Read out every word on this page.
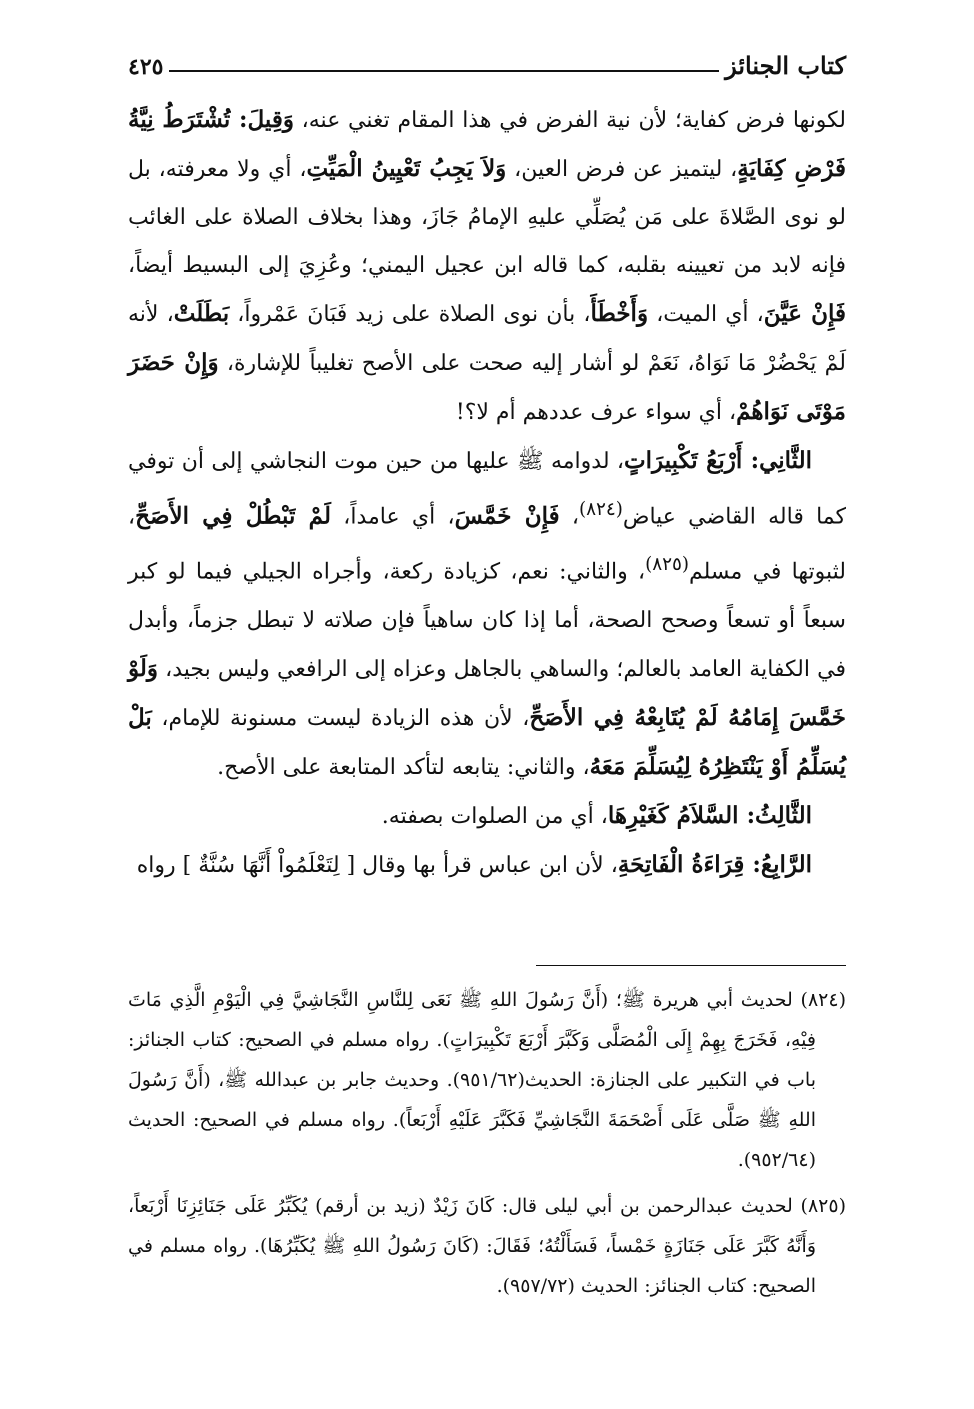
كتاب الجنائز
٤٢٥

لكونها فرض كفاية؛ لأن نية الفرض في هذا المقام تغني عنه، وَقِيلَ: تُشْتَرَطُ نِيَّةُ فَرْضِ كِفَايَةٍ، ليتميز عن فرض العين، وَلاَ يَجِبُ تَعْيِينُ الْمَيِّتِ، أي ولا معرفته، بل لو نوى الصَّلاةَ على مَن يُصَلِّي عليهِ الإمامُ جَازَ، وهذا بخلاف الصلاة على الغائب فإنه لابد من تعيينه بقلبه، كما قاله ابن عجيل اليمني؛ وعُزِيَ إلى البسيط أيضاً، فَإِنْ عَيَّنَ، أي الميت، وَأَخْطَأَ، بأن نوى الصلاة على زيد فَبَانَ عَمْرواً، بَطَلَتْ، لأنه لَمْ يَحْضُرْ مَا نَوَاهُ، نَعَمْ لو أشار إليه صحت على الأصح تغليباً للإشارة، وَإِنْ حَضَرَ مَوْتَى نَوَاهُمْ، أي سواء عرف عددهم أم لا؟!

الثَّانِي: أَرْبَعُ تَكْبِيرَاتٍ، لدوامه ﷺ عليها من حين موت النجاشي إلى أن توفي كما قاله القاضي عياض$^{(٨٢٤)}$، فَإِنْ خَمَّسَ، أي عامداً، لَمْ تَبْطُلْ فِي الأَصَحِّ، لثبوتها في مسلم$^{(٨٢٥)}$، والثاني: نعم، كزيادة ركعة، وأجراه الجيلي فيما لو كبر سبعاً أو تسعاً وصحح الصحة، أما إذا كان ساهياً فإن صلاته لا تبطل جزماً، وأبدل في الكفاية العامد بالعالم؛ والساهي بالجاهل وعزاه إلى الرافعي وليس بجيد، وَلَوْ خَمَّسَ إِمَامُهُ لَمْ يُتَابِعْهُ فِي الأَصَحِّ، لأن هذه الزيادة ليست مسنونة للإمام، بَلْ يُسَلِّمُ أَوْ يَنْتَظِرُهُ لِيُسَلِّمَ مَعَهُ، والثاني: يتابعه لتأكد المتابعة على الأصح.

الثَّالِثُ: السَّلاَمُ كَغَيْرِهَا، أي من الصلوات بصفته.

الرَّابِعُ: قِرَاءَةُ الْفَاتِحَةِ، لأن ابن عباس قرأ بها وقال [ لِتَعْلَمُواْ أَنَّهَا سُنَّةٌ ] رواه

(٨٢٤) لحديث أبي هريرة ﷺ؛ (أَنَّ رَسُولَ اللهِ ﷺ نَعَى لِلنَّاسِ النَّجَاشِيَّ فِي الْيَوْمِ الَّذِي مَاتَ فِيْهِ، فَخَرَجَ بِهِمْ إِلَى الْمُصَلَّى وَكَبَّرَ أَرْبَعَ تَكْبِيرَاتٍ). رواه مسلم في الصحيح: كتاب الجنائز: باب في التكبير على الجنازة: الحديث(٩٥١/٦٢). وحديث جابر بن عبدالله ﷺ، (أَنَّ رَسُولَ اللهِ ﷺ صَلَّى عَلَى أَصْحَمَةَ النَّجَاشِيِّ فَكَبَّرَ عَلَيْهِ أَرْبَعاً). رواه مسلم في الصحيح: الحديث (٩٥٢/٦٤).

(٨٢٥) لحديث عبدالرحمن بن أبي ليلى قال: كَانَ زَيْدٌ (زيد بن أرقم) يُكَبِّرُ عَلَى جَنَائِزِنَا أَرْبَعاً، وَأَنَّهُ كَبَّرَ عَلَى جَنَازَةٍ خَمْساً، فَسَأَلْتُهُ؛ فَقَالَ: (كَانَ رَسُولُ اللهِ ﷺ يُكَبِّرُهَا). رواه مسلم في الصحيح: كتاب الجنائز: الحديث (٩٥٧/٧٢).
